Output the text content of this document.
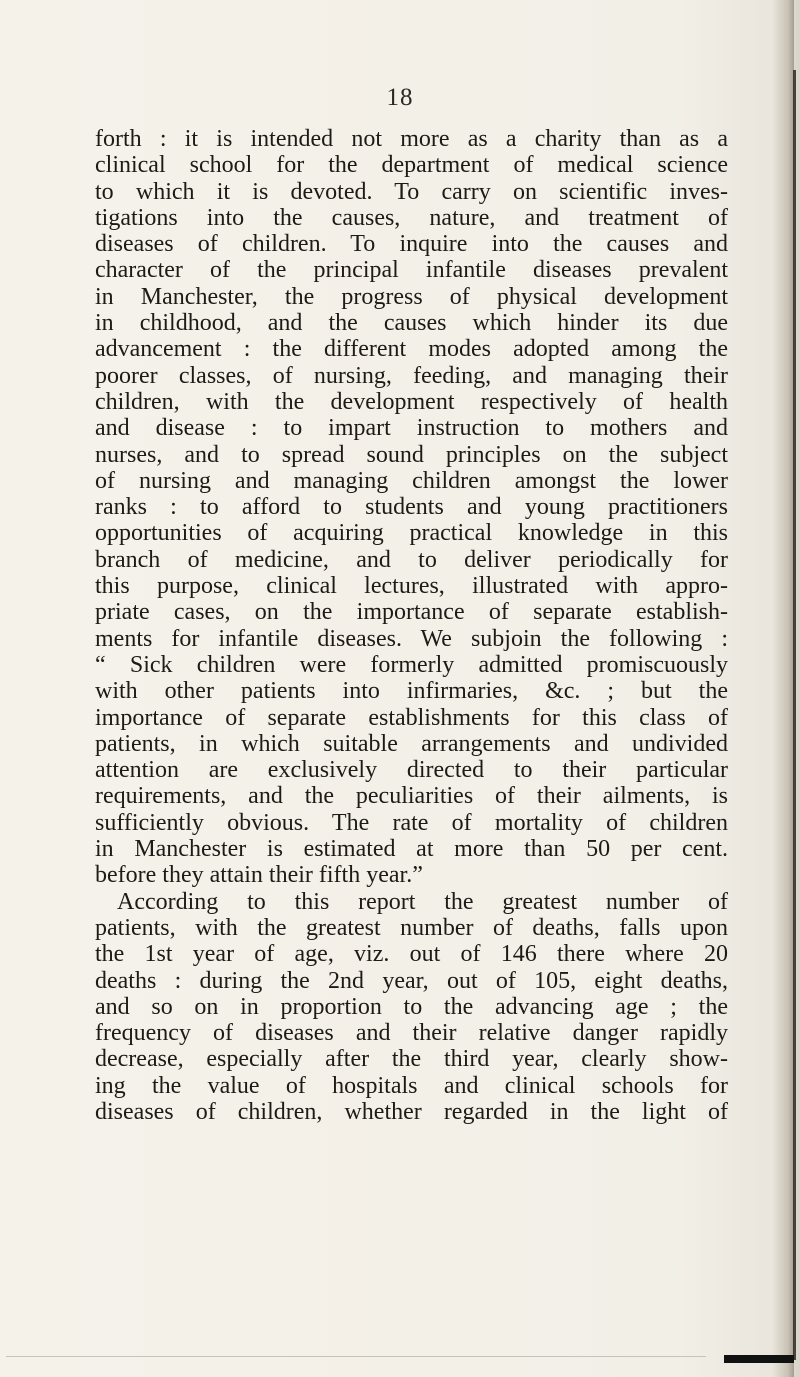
18
forth : it is intended not more as a charity than as a
clinical school for the department of medical science
to which it is devoted. To carry on scientific inves-
tigations into the causes, nature, and treatment of
diseases of children. To inquire into the causes and
character of the principal infantile diseases prevalent
in Manchester, the progress of physical development
in childhood, and the causes which hinder its due
advancement : the different modes adopted among the
poorer classes, of nursing, feeding, and managing their
children, with the development respectively of health
and disease : to impart instruction to mothers and
nurses, and to spread sound principles on the subject
of nursing and managing children amongst the lower
ranks : to afford to students and young practitioners
opportunities of acquiring practical knowledge in this
branch of medicine, and to deliver periodically for
this purpose, clinical lectures, illustrated with appro-
priate cases, on the importance of separate establish-
ments for infantile diseases. We subjoin the following :
“ Sick children were formerly admitted promiscuously
with other patients into infirmaries, &c. ; but the
importance of separate establishments for this class of
patients, in which suitable arrangements and undivided
attention are exclusively directed to their particular
requirements, and the peculiarities of their ailments, is
sufficiently obvious. The rate of mortality of children
in Manchester is estimated at more than 50 per cent.
before they attain their fifth year.”
According to this report the greatest number of
patients, with the greatest number of deaths, falls upon
the 1st year of age, viz. out of 146 there where 20
deaths : during the 2nd year, out of 105, eight deaths,
and so on in proportion to the advancing age ; the
frequency of diseases and their relative danger rapidly
decrease, especially after the third year, clearly show-
ing the value of hospitals and clinical schools for
diseases of children, whether regarded in the light of
